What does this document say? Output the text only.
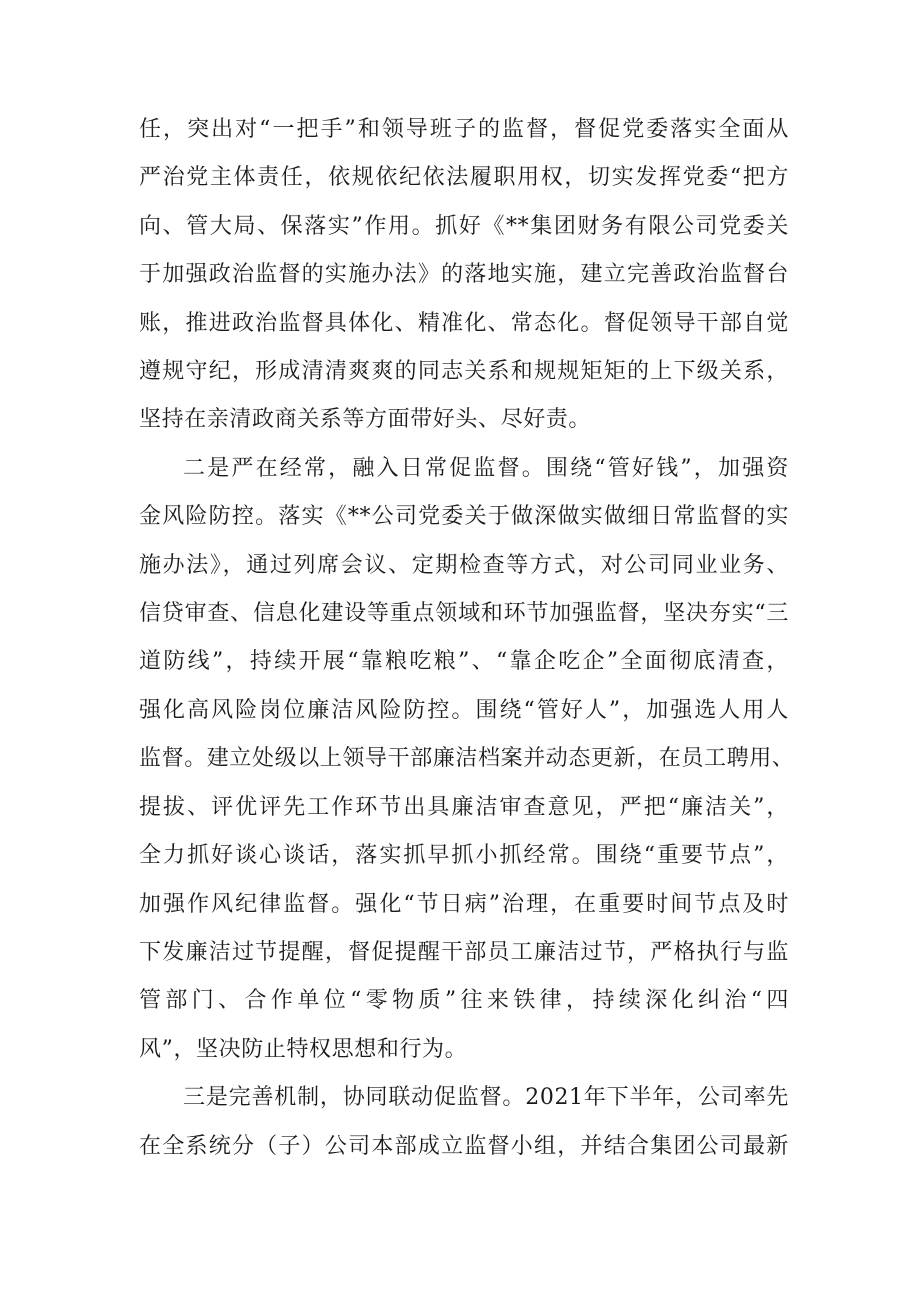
任，突出对“一把手”和领导班子的监督，督促党委落实全面从
严治党主体责任，依规依纪依法履职用权，切实发挥党委“把方
向、管大局、保落实”作用。抓好《**集团财务有限公司党委关
于加强政治监督的实施办法》的落地实施，建立完善政治监督台
账，推进政治监督具体化、精准化、常态化。督促领导干部自觉
遵规守纪，形成清清爽爽的同志关系和规规矩矩的上下级关系，
坚持在亲清政商关系等方面带好头、尽好责。

二是严在经常，融入日常促监督。围绕“管好钱”，加强资
金风险防控。落实《**公司党委关于做深做实做细日常监督的实
施办法》，通过列席会议、定期检查等方式，对公司同业业务、
信贷审查、信息化建设等重点领域和环节加强监督，坚决夯实“三
道防线”，持续开展“靠粮吃粮”、“靠企吃企”全面彻底清查，
强化高风险岗位廉洁风险防控。围绕“管好人”，加强选人用人
监督。建立处级以上领导干部廉洁档案并动态更新，在员工聘用、
提拔、评优评先工作环节出具廉洁审查意见，严把“廉洁关”，
全力抓好谈心谈话，落实抓早抓小抓经常。围绕“重要节点”，
加强作风纪律监督。强化“节日病”治理，在重要时间节点及时
下发廉洁过节提醒，督促提醒干部员工廉洁过节，严格执行与监
管部门、合作单位“零物质”往来铁律，持续深化纠治“四
风”，坚决防止特权思想和行为。

三是完善机制，协同联动促监督。2021年下半年，公司率先
在全系统分（子）公司本部成立监督小组，并结合集团公司最新
